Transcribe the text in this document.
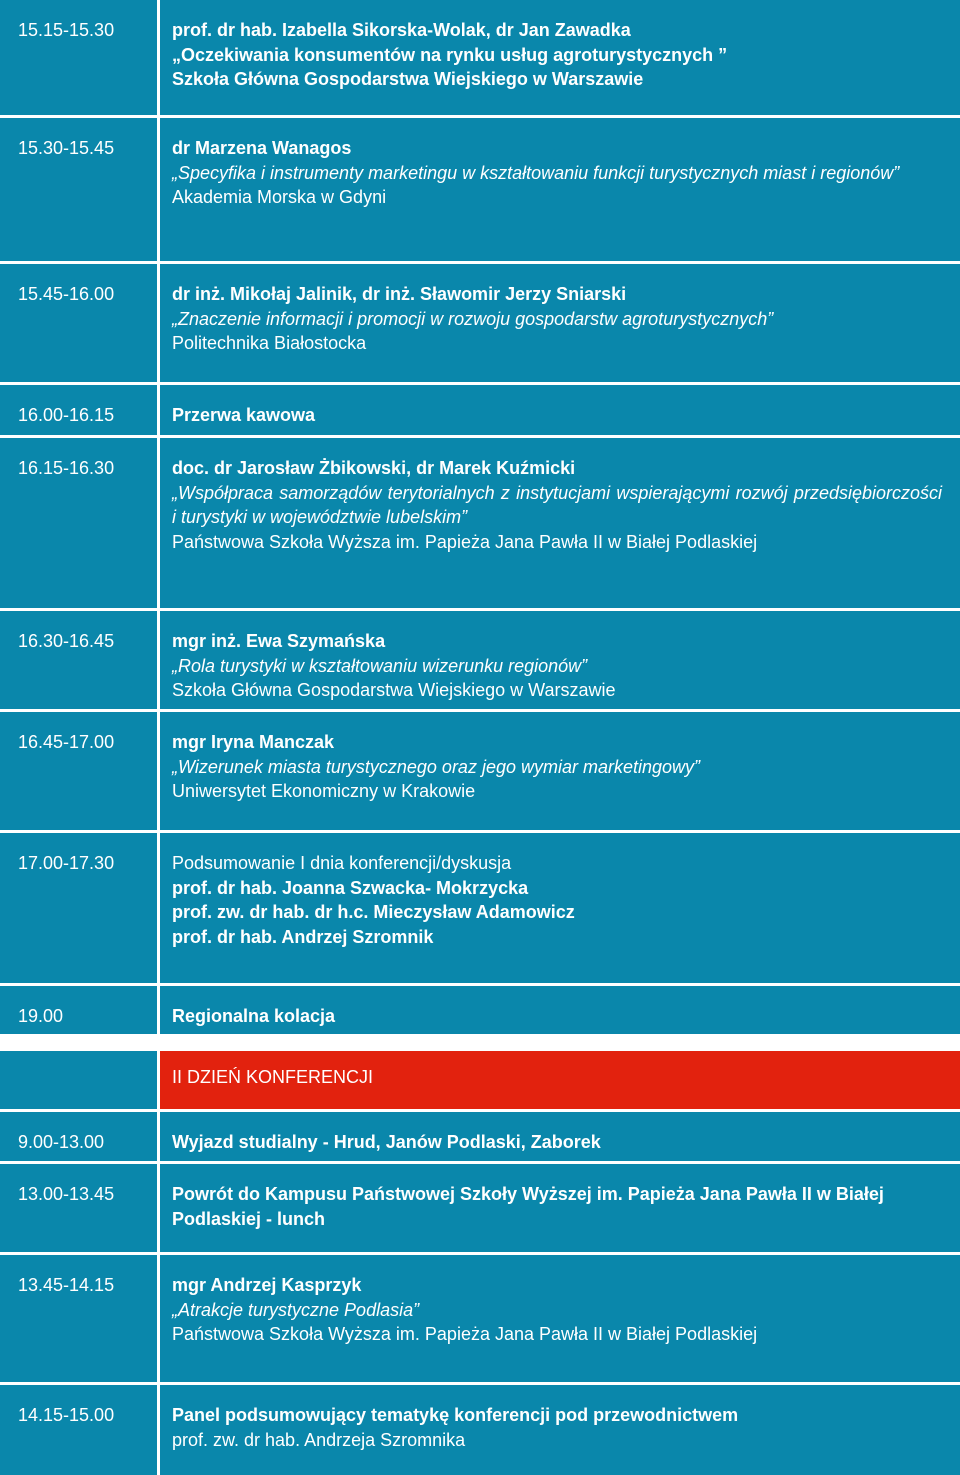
15.15-15.30	prof. dr hab. Izabella Sikorska-Wolak, dr Jan Zawadka
„Oczekiwania konsumentów na rynku usług agroturystycznych ”
Szkoła Główna Gospodarstwa Wiejskiego w Warszawie
15.30-15.45	dr Marzena Wanagos
„Specyfika i instrumenty marketingu w kształtowaniu funkcji turystycznych miast i regionów”
Akademia Morska w Gdyni
15.45-16.00	dr inż. Mikołaj Jalinik, dr inż. Sławomir Jerzy Sniarski
„Znaczenie informacji i promocji w rozwoju gospodarstw agroturystycznych”
Politechnika Białostocka
16.00-16.15	Przerwa kawowa
16.15-16.30	doc. dr Jarosław Żbikowski, dr Marek Kuźmicki
„Współpraca samorządów terytorialnych z instytucjami wspierającymi rozwój przedsiębiorczości i turystyki w województwie lubelskim”
Państwowa Szkoła Wyższa im. Papieża Jana Pawła II w Białej Podlaskiej
16.30-16.45	mgr inż. Ewa Szymańska
„Rola turystyki w kształtowaniu wizerunku regionów”
Szkoła Główna Gospodarstwa Wiejskiego w Warszawie
16.45-17.00	mgr Iryna Manczak
„Wizerunek miasta turystycznego oraz jego wymiar marketingowy”
Uniwersytet Ekonomiczny w Krakowie
17.00-17.30	Podsumowanie I dnia konferencji/dyskusja
prof. dr hab. Joanna Szwacka- Mokrzycka
prof. zw. dr hab. dr h.c. Mieczysław Adamowicz
prof. dr hab. Andrzej Szromnik
19.00	Regionalna kolacja
II DZIEŃ KONFERENCJI
9.00-13.00	Wyjazd studialny - Hrud, Janów Podlaski, Zaborek
13.00-13.45	Powrót do Kampusu Państwowej Szkoły Wyższej im. Papieża Jana Pawła II w Białej Podlaskiej - lunch
13.45-14.15	mgr Andrzej Kasprzyk
„Atrakcje turystyczne Podlasia”
Państwowa Szkoła Wyższa im. Papieża Jana Pawła II w Białej Podlaskiej
14.15-15.00	Panel podsumowujący tematykę konferencji pod przewodnictwem
prof. zw. dr hab. Andrzeja Szromnika
